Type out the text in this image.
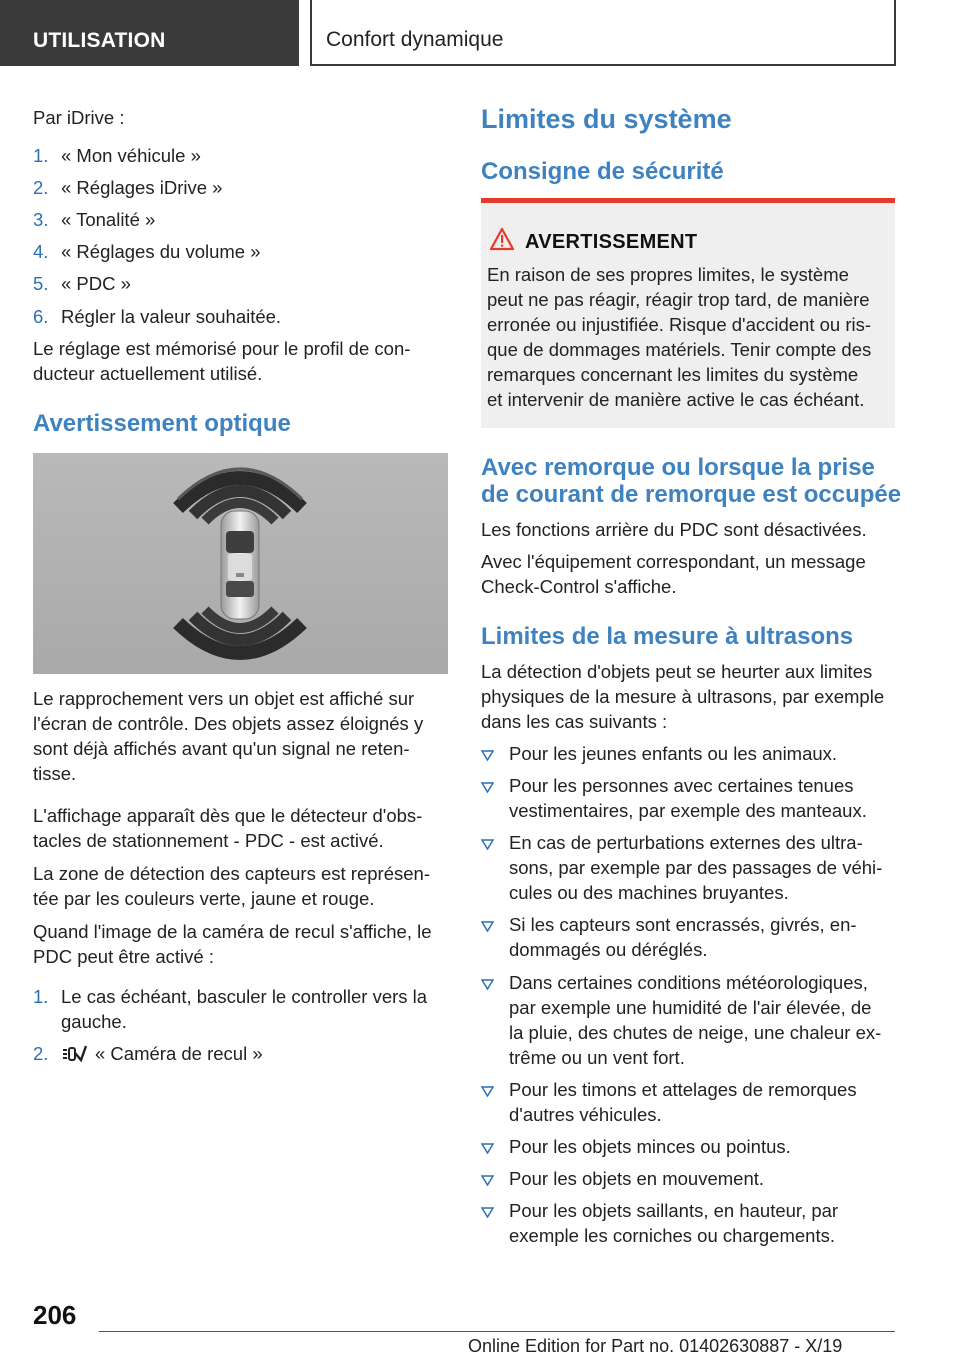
UTILISATION	Confort dynamique

Par iDrive :

1. « Mon véhicule »
2. « Réglages iDrive »
3. « Tonalité »
4. « Réglages du volume »
5. « PDC »
6. Régler la valeur souhaitée.

Le réglage est mémorisé pour le profil de con‐

ducteur actuellement utilisé.

Avertissement optique

Le rapprochement vers un objet est affiché sur

l'écran de contrôle. Des objets assez éloignés y

sont déjà affichés avant qu'un signal ne reten‐

tisse.

L'affichage apparaît dès que le détecteur d'obs‐

tacles de stationnement - PDC - est activé.

La zone de détection des capteurs est représen‐

tée par les couleurs verte, jaune et rouge.

Quand l'image de la caméra de recul s'affiche, le

PDC peut être activé :

1. Le cas échéant, basculer le controller vers la
gauche.
2.	« Caméra de recul »
Limites du système
Consigne de sécurité
AVERTISSEMENT
En raison de ses propres limites, le système
peut ne pas réagir, réagir trop tard, de manière
erronée ou injustifiée. Risque d'accident ou ris‐
que de dommages matériels. Tenir compte des
remarques concernant les limites du système
et intervenir de manière active le cas échéant.
Avec remorque ou lorsque la prise
de courant de remorque est occupée

Les fonctions arrière du PDC sont désactivées.

Avec l'équipement correspondant, un message

Check-Control s'affiche.

Limites de la mesure à ultrasons

La détection d'objets peut se heurter aux limites

physiques de la mesure à ultrasons, par exemple

dans les cas suivants :

Pour les jeunes enfants ou les animaux.
Pour les personnes avec certaines tenues
vestimentaires, par exemple des manteaux.
En cas de perturbations externes des ultra‐
sons, par exemple par des passages de véhi‐
cules ou des machines bruyantes.
Si les capteurs sont encrassés, givrés, en‐
dommagés ou déréglés.
Dans certaines conditions météorologiques,
par exemple une humidité de l'air élevée, de
la pluie, des chutes de neige, une chaleur ex‐
trême ou un vent fort.
Pour les timons et attelages de remorques
d'autres véhicules.
Pour les objets minces ou pointus.
Pour les objets en mouvement.
Pour les objets saillants, en hauteur, par
exemple les corniches ou chargements.
206
Online Edition for Part no. 01402630887 - X/19
